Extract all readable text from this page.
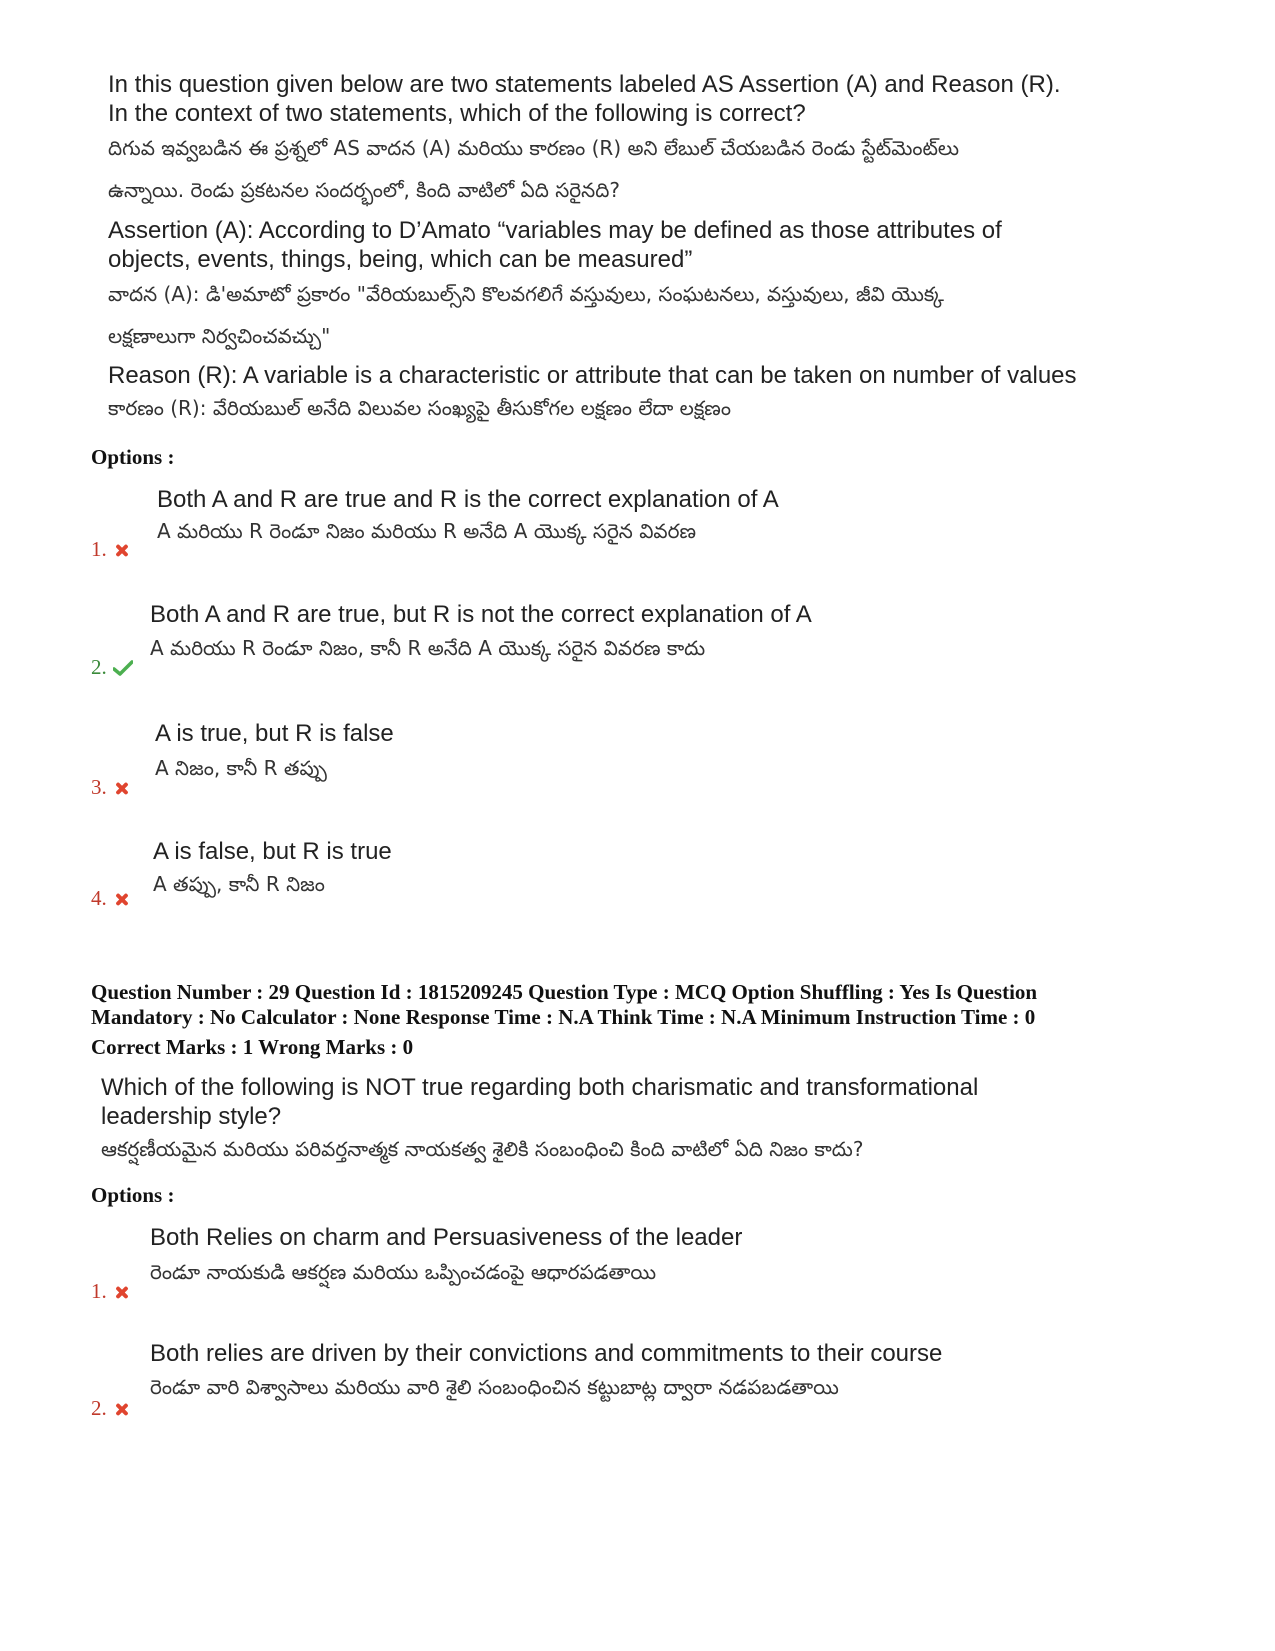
In this question given below are two statements labeled AS Assertion (A) and Reason (R).
In the context of two statements, which of the following is correct?
దిగువ ఇవ్వబడిన ఈ ప్రశ్నలో AS వాదన (A) మరియు కారణం (R) అని లేబుల్ చేయబడిన రెండు స్టేట్‌మెంట్‌లు
ఉన్నాయి. రెండు ప్రకటనల సందర్భంలో, కింది వాటిలో ఏది సరైనది?
Assertion (A): According to D’Amato “variables may be defined as those attributes of
objects, events, things, being, which can be measured”
వాదన (A): డి'అమాటో ప్రకారం "వేరియబుల్స్‌ని కొలవగలిగే వస్తువులు, సంఘటనలు, వస్తువులు, జీవి యొక్క
లక్షణాలుగా నిర్వచించవచ్చు"
Reason (R): A variable is a characteristic or attribute that can be taken on number of values
కారణం (R): వేరియబుల్ అనేది విలువల సంఖ్యపై తీసుకోగల లక్షణం లేదా లక్షణం
Options :
Both A and R are true and R is the correct explanation of A
A మరియు R రెండూ నిజం మరియు R అనేది A యొక్క సరైన వివరణ
1.
Both A and R are true, but R is not the correct explanation of A
A మరియు R రెండూ నిజం, కానీ R అనేది A యొక్క సరైన వివరణ కాదు
2.
A is true, but R is false
A నిజం, కానీ R తప్పు
3.
A is false, but R is true
A తప్పు, కానీ R నిజం
4.
Question Number : 29 Question Id : 1815209245 Question Type : MCQ Option Shuffling : Yes Is Question
Mandatory : No Calculator : None Response Time : N.A Think Time : N.A Minimum Instruction Time : 0
Correct Marks : 1 Wrong Marks : 0
Which of the following is NOT true regarding both charismatic and transformational
leadership style?
ఆకర్షణీయమైన మరియు పరివర్తనాత్మక నాయకత్వ శైలికి సంబంధించి కింది వాటిలో ఏది నిజం కాదు?
Options :
Both Relies on charm and Persuasiveness of the leader
రెండూ నాయకుడి ఆకర్షణ మరియు ఒప్పించడంపై ఆధారపడతాయి
1.
Both relies are driven by their convictions and commitments to their course
రెండూ వారి విశ్వాసాలు మరియు వారి శైలి సంబంధించిన కట్టుబాట్ల ద్వారా నడపబడతాయి
2.
